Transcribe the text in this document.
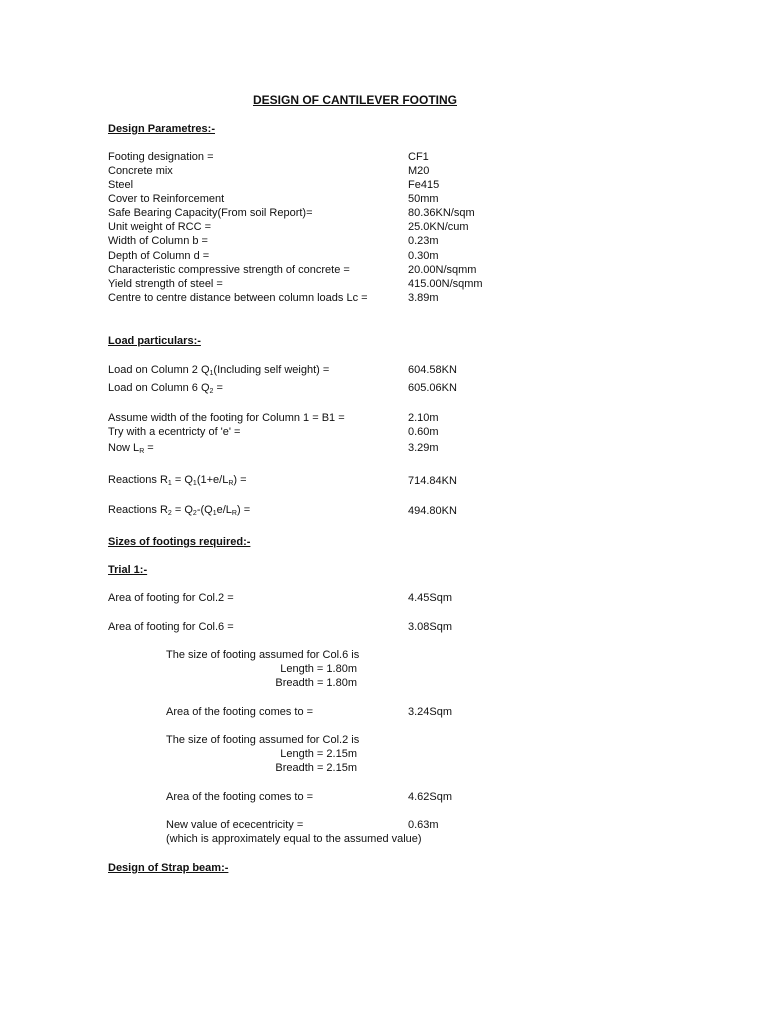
DESIGN OF CANTILEVER FOOTING
Design Parametres:-
Footing designation =	CF1
Concrete mix	M20
Steel	Fe415
Cover to Reinforcement	50mm
Safe Bearing Capacity(From soil Report)=	80.36KN/sqm
Unit weight of RCC =	25.0KN/cum
Width of Column b =	0.23m
Depth of Column d =	0.30m
Characteristic compressive strength of concrete =	20.00N/sqmm
Yield strength of steel =	415.00N/sqmm
Centre to centre distance between column loads Lc =	3.89m
Load particulars:-
Load on Column 2 $Q_1(Including$ self weight) =	604.58KN
Load on Column 6 $Q_2$ =	605.06KN
Assume width of the footing for Column 1 = B1 =	2.10m
Try with a ecentricty of 'e' =	0.60m
Now $L_R$ =	3.29m
Reactions $R_1 = Q_1(1+e/L_R)$ =	714.84KN
Reactions $R_2 = Q_2-(Q_1e/L_R)$ =	494.80KN
Sizes of footings required:-
Trial 1:-
Area of footing for Col.2 =	4.45Sqm
Area of footing for Col.6 =	3.08Sqm
The size of footing assumed for Col.6 is
Length = 1.80m
Breadth = 1.80m
Area of the footing comes to =	3.24Sqm
The size of footing assumed for Col.2 is
Length = 2.15m
Breadth = 2.15m
Area of the footing comes to =	4.62Sqm
New value of ececentricity =	0.63m
(which is approximately equal to the assumed value)
Design of Strap beam:-
